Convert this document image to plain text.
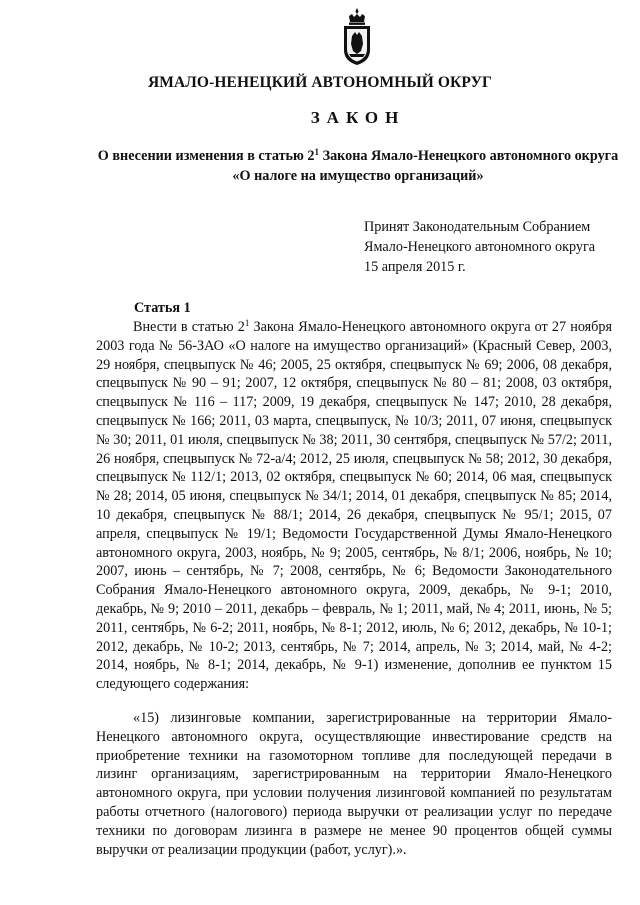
ЯМАЛО-НЕНЕЦКИЙ АВТОНОМНЫЙ ОКРУГ
ЗАКОН
О внесении изменения в статью $2^1$ Закона Ямало-Ненецкого автономного округа «О налоге на имущество организаций»
Принят Законодательным Собранием
Ямало-Ненецкого автономного округа
15 апреля 2015 г.
Статья 1
Внести в статью $2^1$ Закона Ямало-Ненецкого автономного округа от 27 ноября 2003 года № 56-ЗАО «О налоге на имущество организаций» (Красный Север, 2003, 29 ноября, спецвыпуск № 46; 2005, 25 октября, спецвыпуск № 69; 2006, 08 декабря, спецвыпуск № 90 – 91; 2007, 12 октября, спецвыпуск № 80 – 81; 2008, 03 октября, спецвыпуск № 116 – 117; 2009, 19 декабря, спецвыпуск № 147; 2010, 28 декабря, спецвыпуск № 166; 2011, 03 марта, спецвыпуск, № 10/3; 2011, 07 июня, спецвыпуск № 30; 2011, 01 июля, спецвыпуск № 38; 2011, 30 сентября, спецвыпуск № 57/2; 2011, 26 ноября, спецвыпуск № 72-а/4; 2012, 25 июля, спецвыпуск № 58; 2012, 30 декабря, спецвыпуск № 112/1; 2013, 02 октября, спецвыпуск № 60; 2014, 06 мая, спецвыпуск № 28; 2014, 05 июня, спецвыпуск № 34/1; 2014, 01 декабря, спецвыпуск № 85; 2014, 10 декабря, спецвыпуск № 88/1; 2014, 26 декабря, спецвыпуск № 95/1; 2015, 07 апреля, спецвыпуск № 19/1; Ведомости Государственной Думы Ямало-Ненецкого автономного округа, 2003, ноябрь, № 9; 2005, сентябрь, № 8/1; 2006, ноябрь, № 10; 2007, июнь – сентябрь, № 7; 2008, сентябрь, № 6; Ведомости Законодательного Собрания Ямало-Ненецкого автономного округа, 2009, декабрь, № 9-1; 2010, декабрь, № 9; 2010 – 2011, декабрь – февраль, № 1; 2011, май, № 4; 2011, июнь, № 5; 2011, сентябрь, № 6-2; 2011, ноябрь, № 8-1; 2012, июль, № 6; 2012, декабрь, № 10-1; 2012, декабрь, № 10-2; 2013, сентябрь, № 7; 2014, апрель, № 3; 2014, май, № 4-2; 2014, ноябрь, № 8-1; 2014, декабрь, № 9-1) изменение, дополнив ее пунктом 15 следующего содержания:
«15) лизинговые компании, зарегистрированные на территории Ямало-Ненецкого автономного округа, осуществляющие инвестирование средств на приобретение техники на газомоторном топливе для последующей передачи в лизинг организациям, зарегистрированным на территории Ямало-Ненецкого автономного округа, при условии получения лизинговой компанией по результатам работы отчетного (налогового) периода выручки от реализации услуг по передаче техники по договорам лизинга в размере не менее 90 процентов общей суммы выручки от реализации продукции (работ, услуг).».
